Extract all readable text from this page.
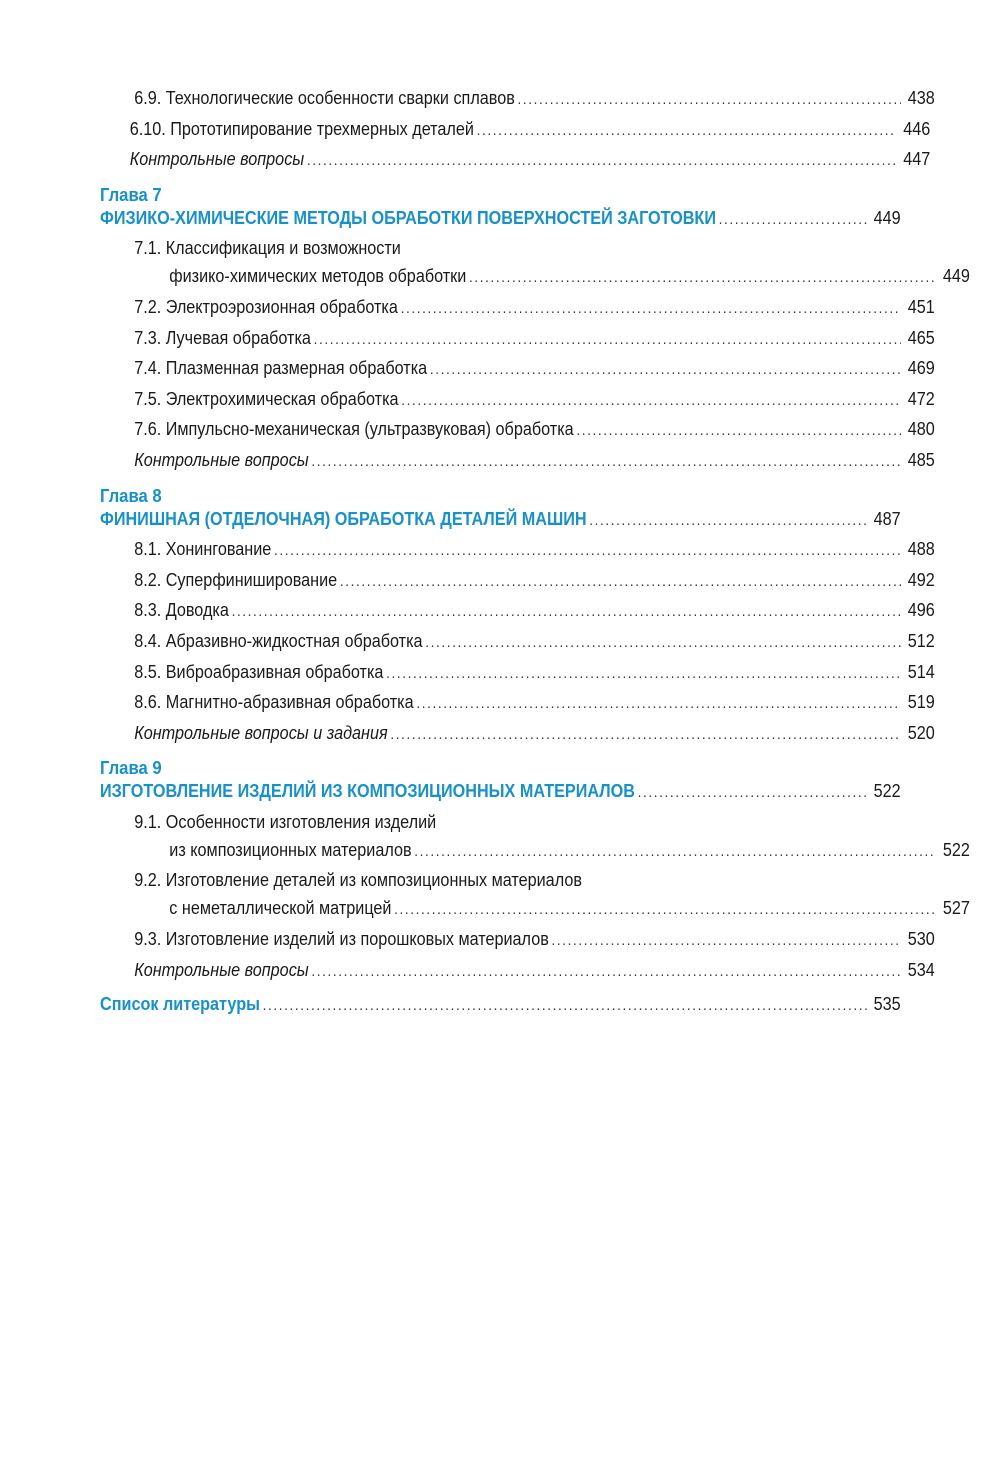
6.9. Технологические особенности сварки сплавов .....	438
6.10. Прототипирование трехмерных деталей .....	446
Контрольные вопросы .....	447
Глава 7
ФИЗИКО-ХИМИЧЕСКИЕ МЕТОДЫ ОБРАБОТКИ ПОВЕРХНОСТЕЙ ЗАГОТОВКИ .....	449
7.1. Классификация и возможности
физико-химических методов обработки .....	449
7.2. Электроэрозионная обработка .....	451
7.3. Лучевая обработка .....	465
7.4. Плазменная размерная обработка .....	469
7.5. Электрохимическая обработка .....	472
7.6. Импульсно-механическая (ультразвуковая) обработка .....	480
Контрольные вопросы .....	485
Глава 8
ФИНИШНАЯ (ОТДЕЛОЧНАЯ) ОБРАБОТКА ДЕТАЛЕЙ МАШИН .....	487
8.1. Хонингование .....	488
8.2. Суперфиниширование .....	492
8.3. Доводка .....	496
8.4. Абразивно-жидкостная обработка .....	512
8.5. Виброабразивная обработка .....	514
8.6. Магнитно-абразивная обработка .....	519
Контрольные вопросы и задания .....	520
Глава 9
ИЗГОТОВЛЕНИЕ ИЗДЕЛИЙ ИЗ КОМПОЗИЦИОННЫХ МАТЕРИАЛОВ .....	522
9.1. Особенности изготовления изделий
из композиционных материалов .....	522
9.2. Изготовление деталей из композиционных материалов
с неметаллической матрицей .....	527
9.3. Изготовление изделий из порошковых материалов .....	530
Контрольные вопросы .....	534
Список литературы .....	535
